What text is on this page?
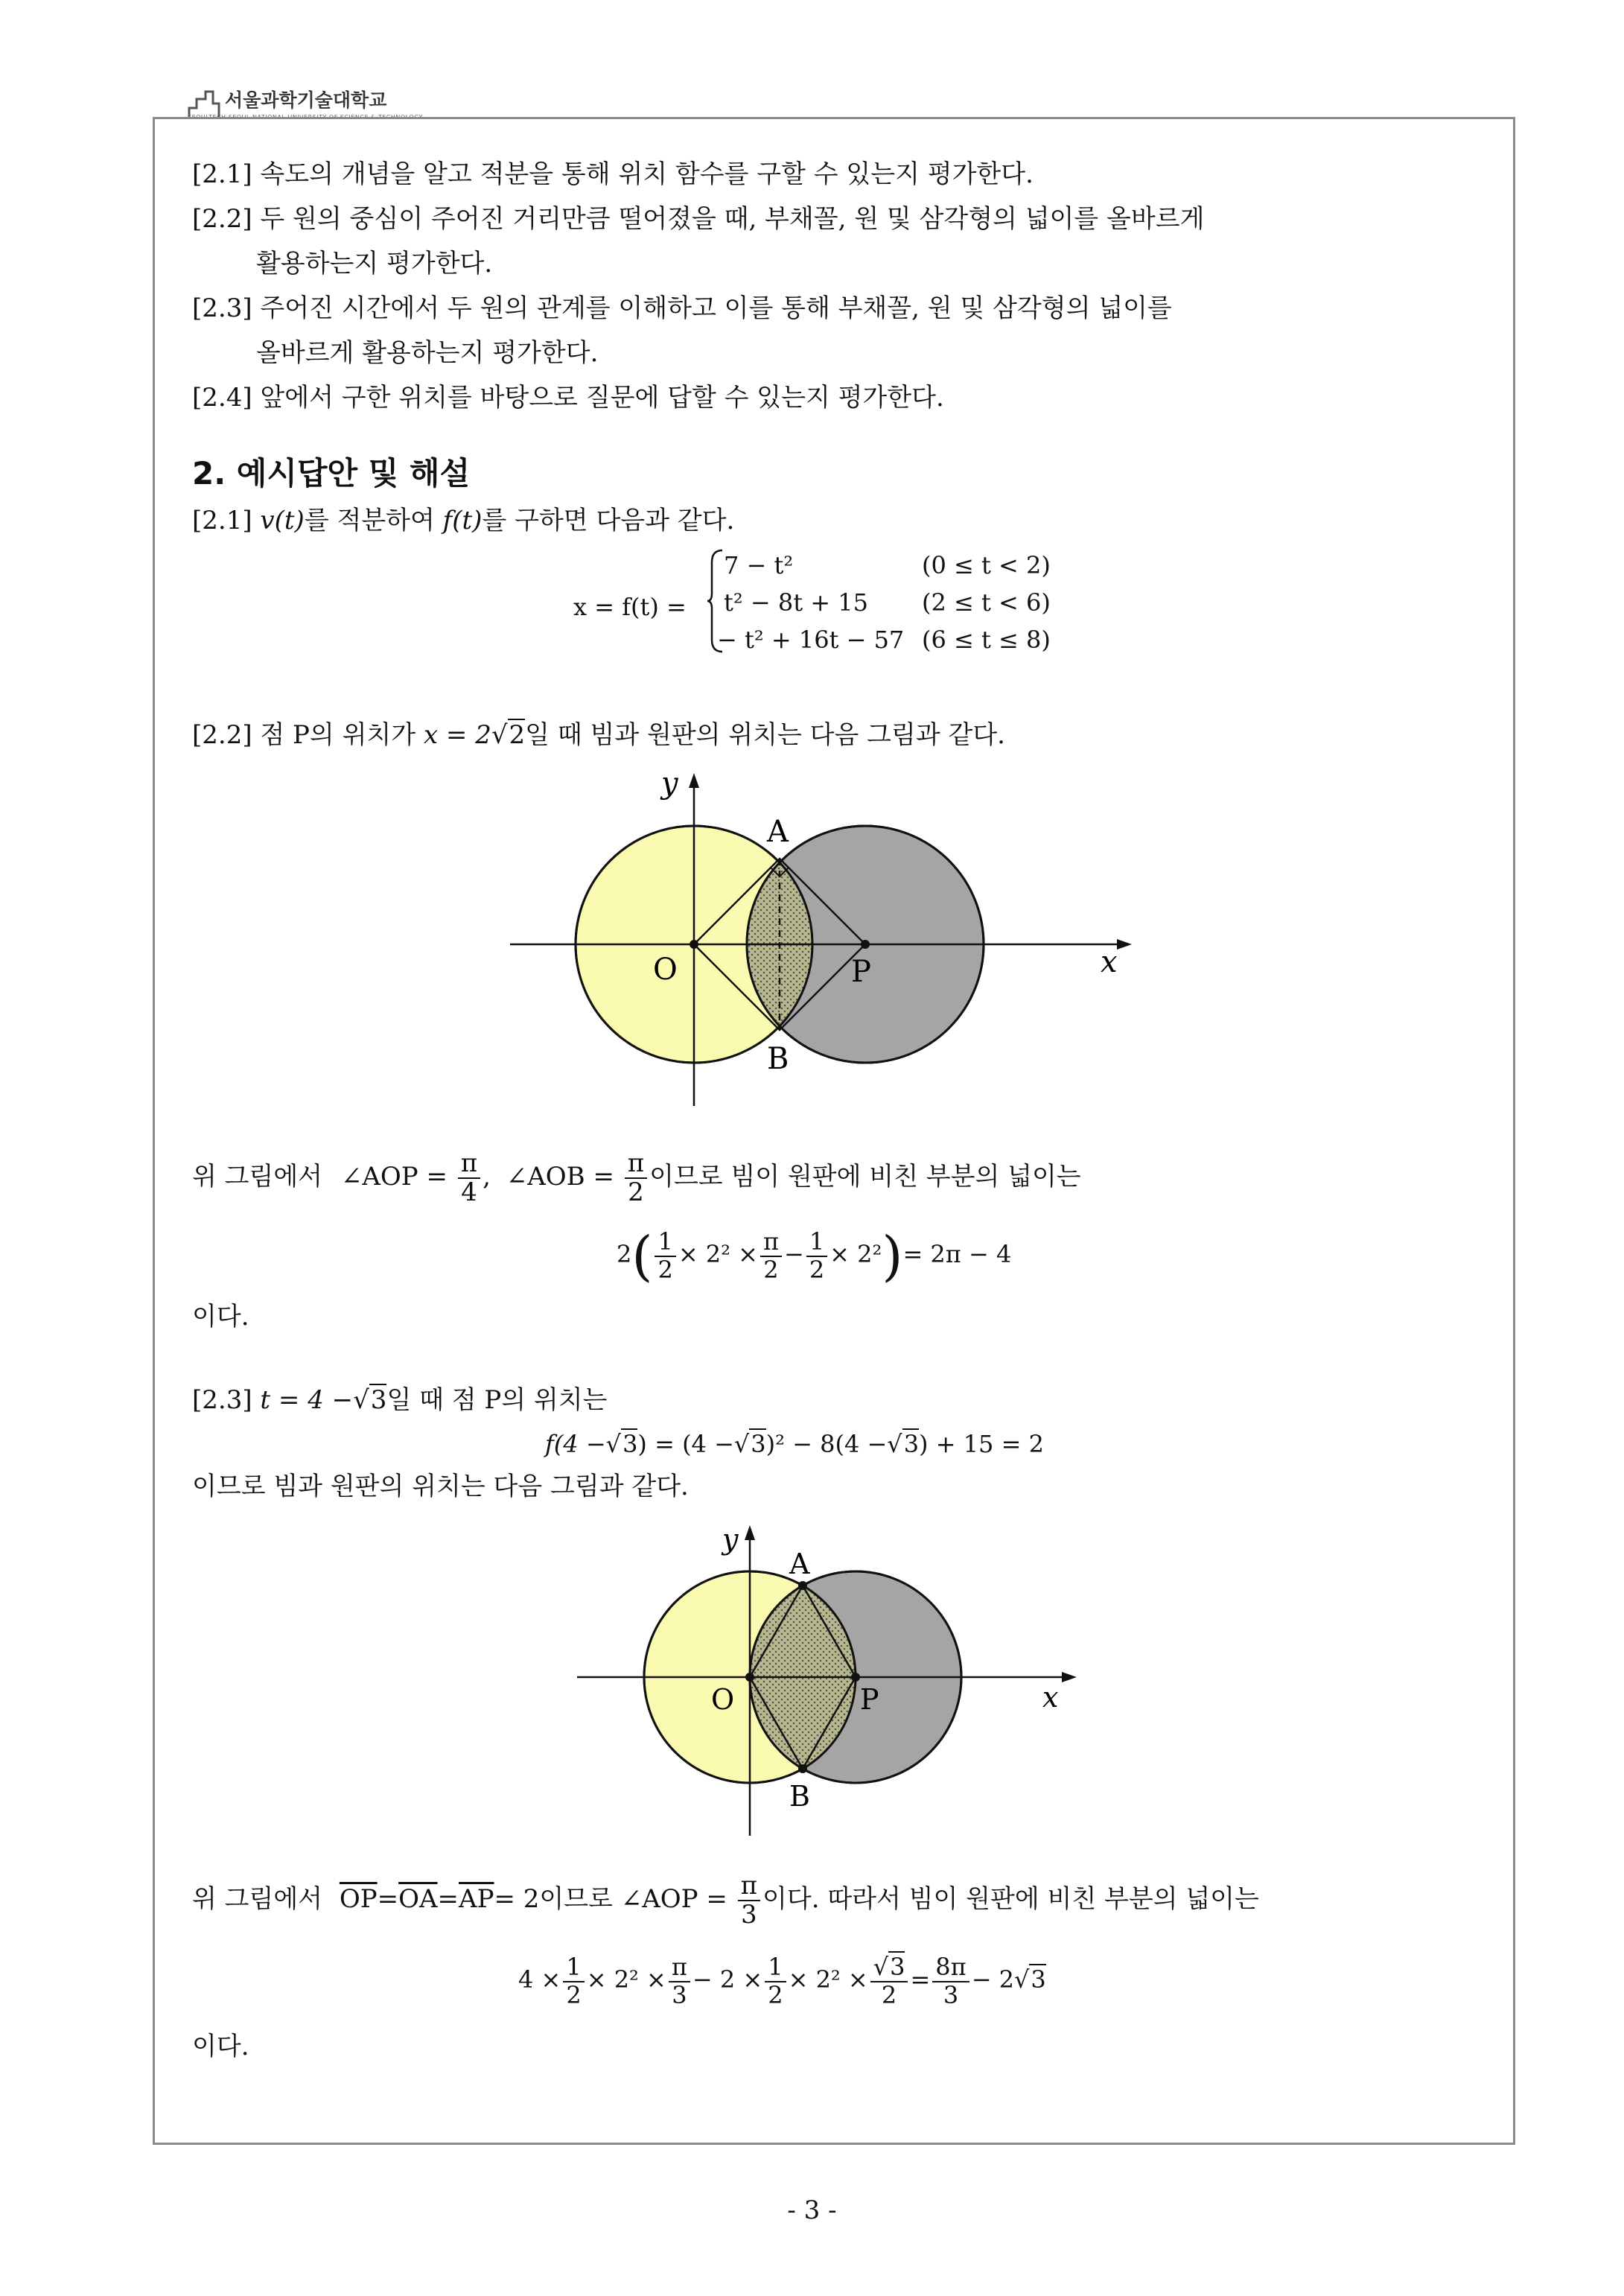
서울과학기술대학교
SEOULTECH SEOUL NATIONAL UNIVERSITY OF SCIENCE & TECHNOLOGY
[2.1] 속도의 개념을 알고 적분을 통해 위치 함수를 구할 수 있는지 평가한다.
[2.2] 두 원의 중심이 주어진 거리만큼 떨어졌을 때, 부채꼴, 원 및 삼각형의 넓이를 올바르게
활용하는지 평가한다.
[2.3] 주어진 시간에서 두 원의 관계를 이해하고 이를 통해 부채꼴, 원 및 삼각형의 넓이를
올바르게 활용하는지 평가한다.
[2.4] 앞에서 구한 위치를 바탕으로 질문에 답할 수 있는지 평가한다.
2. 예시답안 및 해설
[2.1] v(t)를 적분하여 f(t)를 구하면 다음과 같다.
x = f(t) =
7 − t²	(0 ≤ t < 2)
t² − 8t + 15 (2 ≤ t < 6)
− t² + 16t − 57 (6 ≤ t ≤ 8)
[2.2] 점 P의 위치가 x = 2√2일 때 빔과 원판의 위치는 다음 그림과 같다.
y
x
O	P
A
B
위 그림에서 ∠AOP = $\frac{\pi}{4}$ , ∠AOB = $\frac{\pi}{2}$ 이므로 빔이 원판에 비친 부분의 넓이는
$2( \frac{1}{2} \times 2^2 \times \frac{\pi}{2} - \frac{1}{2} \times 2^2)= 2\pi - 4$
이다.
[2.3] t = 4 −√3일 때 점 P의 위치는
f(4 −√3) = (4 −√3)² − 8(4 −√3) + 15 = 2
이므로 빔과 원판의 위치는 다음 그림과 같다.
y
x
O	P
A
B
위 그림에서 $\overline{OP}=\overline{OA}=\overline{AP}= 2$이므로 ∠AOP = $\frac{\pi}{3}$ 이다. 따라서 빔이 원판에 비친 부분의 넓이는
$4 \times \frac{1}{2} \times 2^2 \times \frac{\pi}{3} - 2 \times \frac{1}{2} \times 2^2 \times \frac{√3}{2} = \frac{8\pi}{3} - 2√3$
이다.
- 3 -
